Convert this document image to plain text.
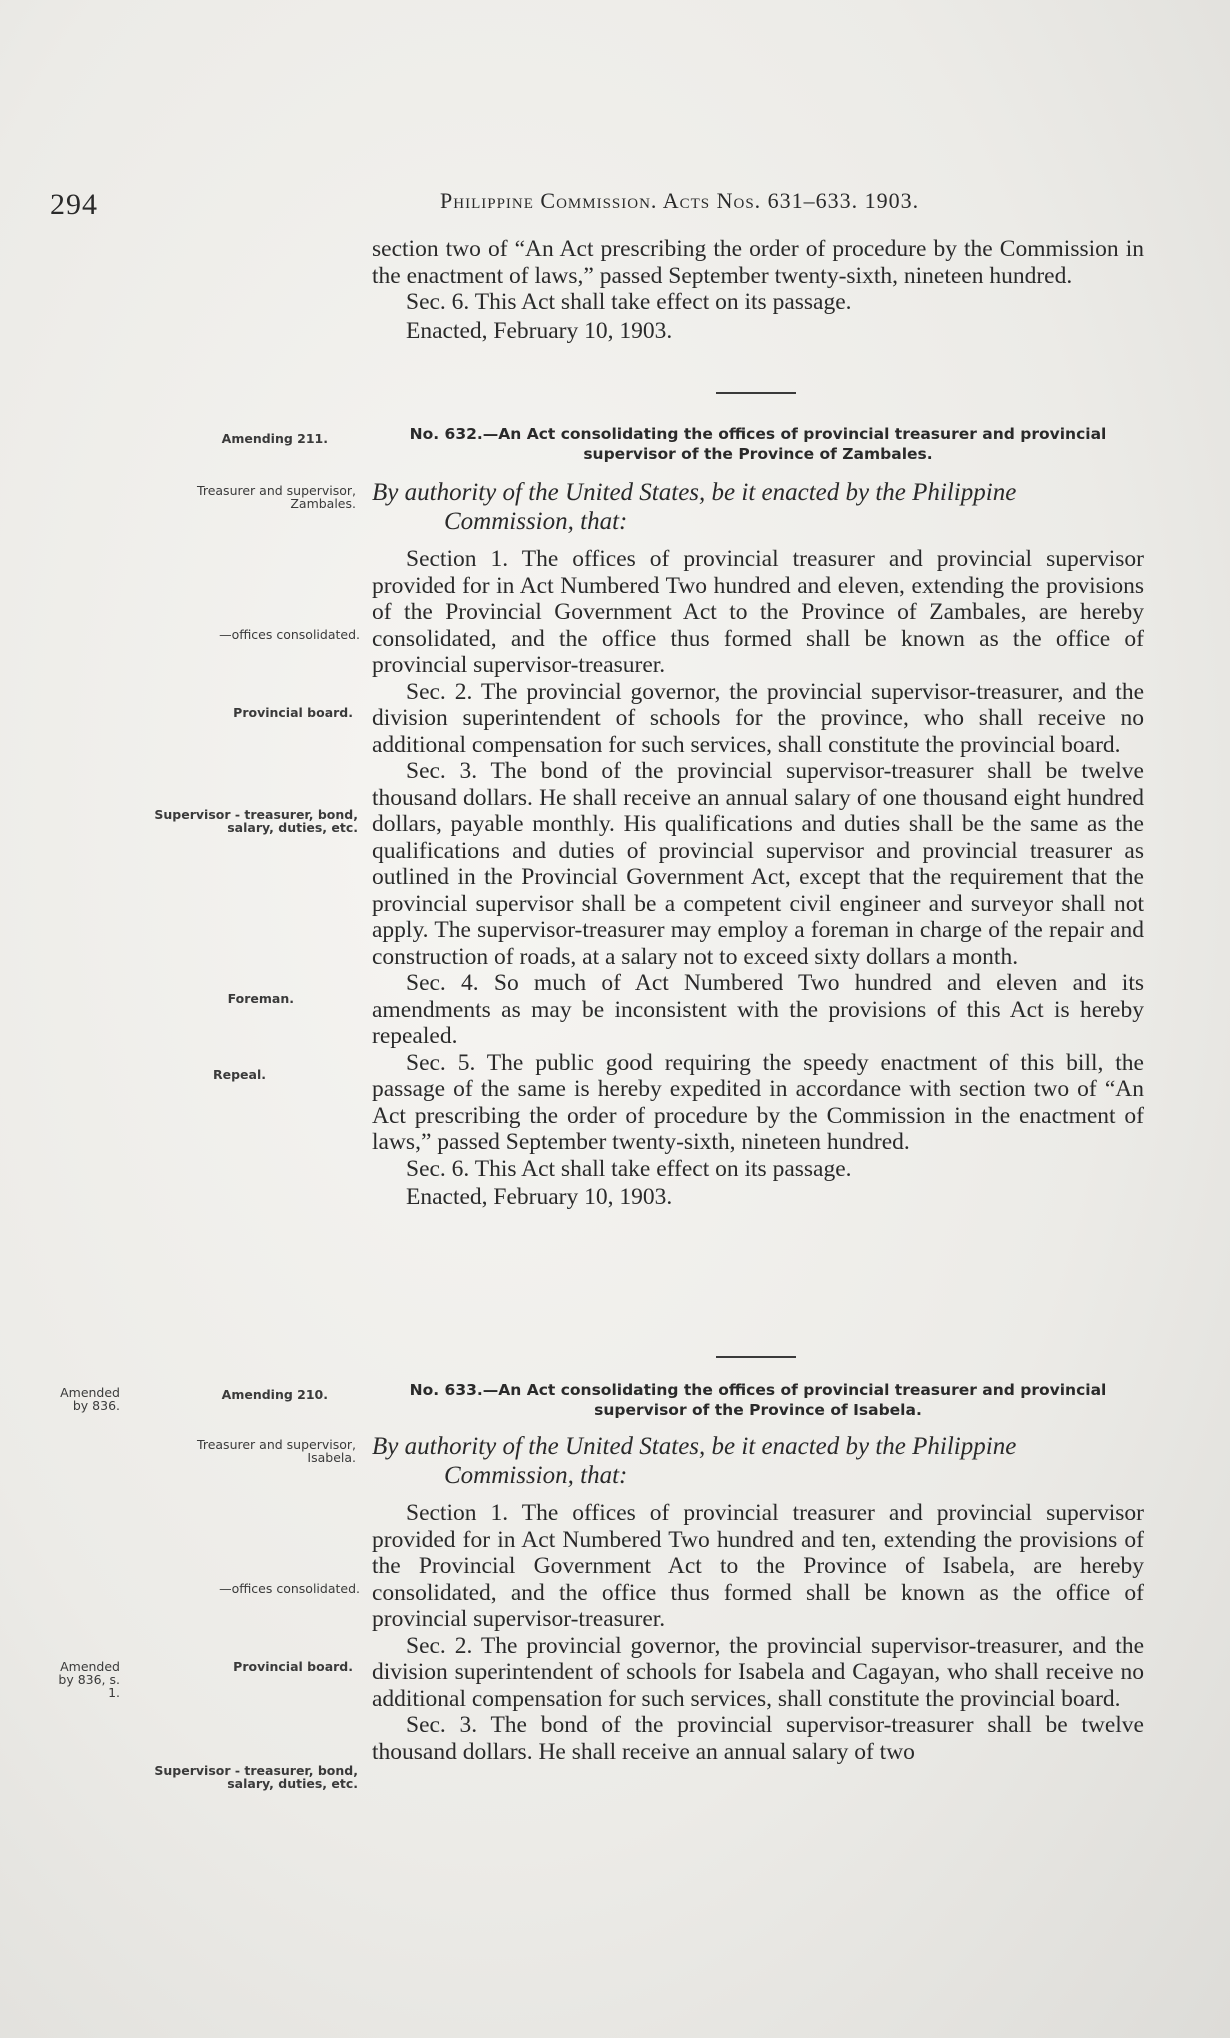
294	Philippine Commission. Acts Nos. 631–633. 1903.

section two of “An Act prescribing the order of procedure by the Commission in the enactment of laws,” passed September twenty-sixth, nineteen hundred.

Sec. 6. This Act shall take effect on its passage.

Enacted, February 10, 1903.

Amending 211.	No. 632.—An Act consolidating the offices of provincial treasurer and provincial supervisor of the Province of Zambales.
Treasurer and supervisor, Zambales. By authority of the United States, be it enacted by the Philippine
Commission, that:
—offices consolidated.

Section 1. The offices of provincial treasurer and provincial supervisor provided for in Act Numbered Two hundred and eleven, extending the provisions of the Provincial Government Act to the Province of Zambales, are hereby consolidated, and the office thus formed shall be known as the office of provincial supervisor-treasurer.

Sec. 2. The provincial governor, the provincial supervisor-treasurer, and the division superintendent of schools for the province, who shall receive no additional compensation for such services, shall constitute the provincial board.

Sec. 3. The bond of the provincial supervisor-treasurer shall be twelve thousand dollars. He shall receive an annual salary of one thousand eight hundred dollars, payable monthly. His qualifications and duties shall be the same as the qualifications and duties of provincial supervisor and provincial treasurer as outlined in the Provincial Government Act, except that the requirement that the provincial supervisor shall be a competent civil engineer and surveyor shall not apply. The supervisor-treasurer may employ a foreman in charge of the repair and construction of roads, at a salary not to exceed sixty dollars a month.

Sec. 4. So much of Act Numbered Two hundred and eleven and its amendments as may be inconsistent with the provisions of this Act is hereby repealed.

Sec. 5. The public good requiring the speedy enactment of this bill, the passage of the same is hereby expedited in accordance with section two of “An Act prescribing the order of procedure by the Commission in the enactment of laws,” passed September twenty-sixth, nineteen hundred.

Sec. 6. This Act shall take effect on its passage.

Enacted, February 10, 1903.

Provincial board.
Supervisor - treasurer, bond, salary, duties, etc.
Foreman.
Repeal.
Amended by 836.
Amending 210.	No. 633.—An Act consolidating the offices of provincial treasurer and provincial supervisor of the Province of Isabela.
Treasurer and supervisor, Isabela. By authority of the United States, be it enacted by the Philippine
Commission, that:
—offices consolidated.

Section 1. The offices of provincial treasurer and provincial supervisor provided for in Act Numbered Two hundred and ten, extending the provisions of the Provincial Government Act to the Province of Isabela, are hereby consolidated, and the office thus formed shall be known as the office of provincial supervisor-treasurer.

Sec. 2. The provincial governor, the provincial supervisor-treasurer, and the division superintendent of schools for Isabela and Cagayan, who shall receive no additional compensation for such services, shall constitute the provincial board.

Sec. 3. The bond of the provincial supervisor-treasurer shall be twelve thousand dollars. He shall receive an annual salary of two

Amended by 836, s. 1.
Provincial board.
Supervisor - treasurer, bond, salary, duties, etc.
